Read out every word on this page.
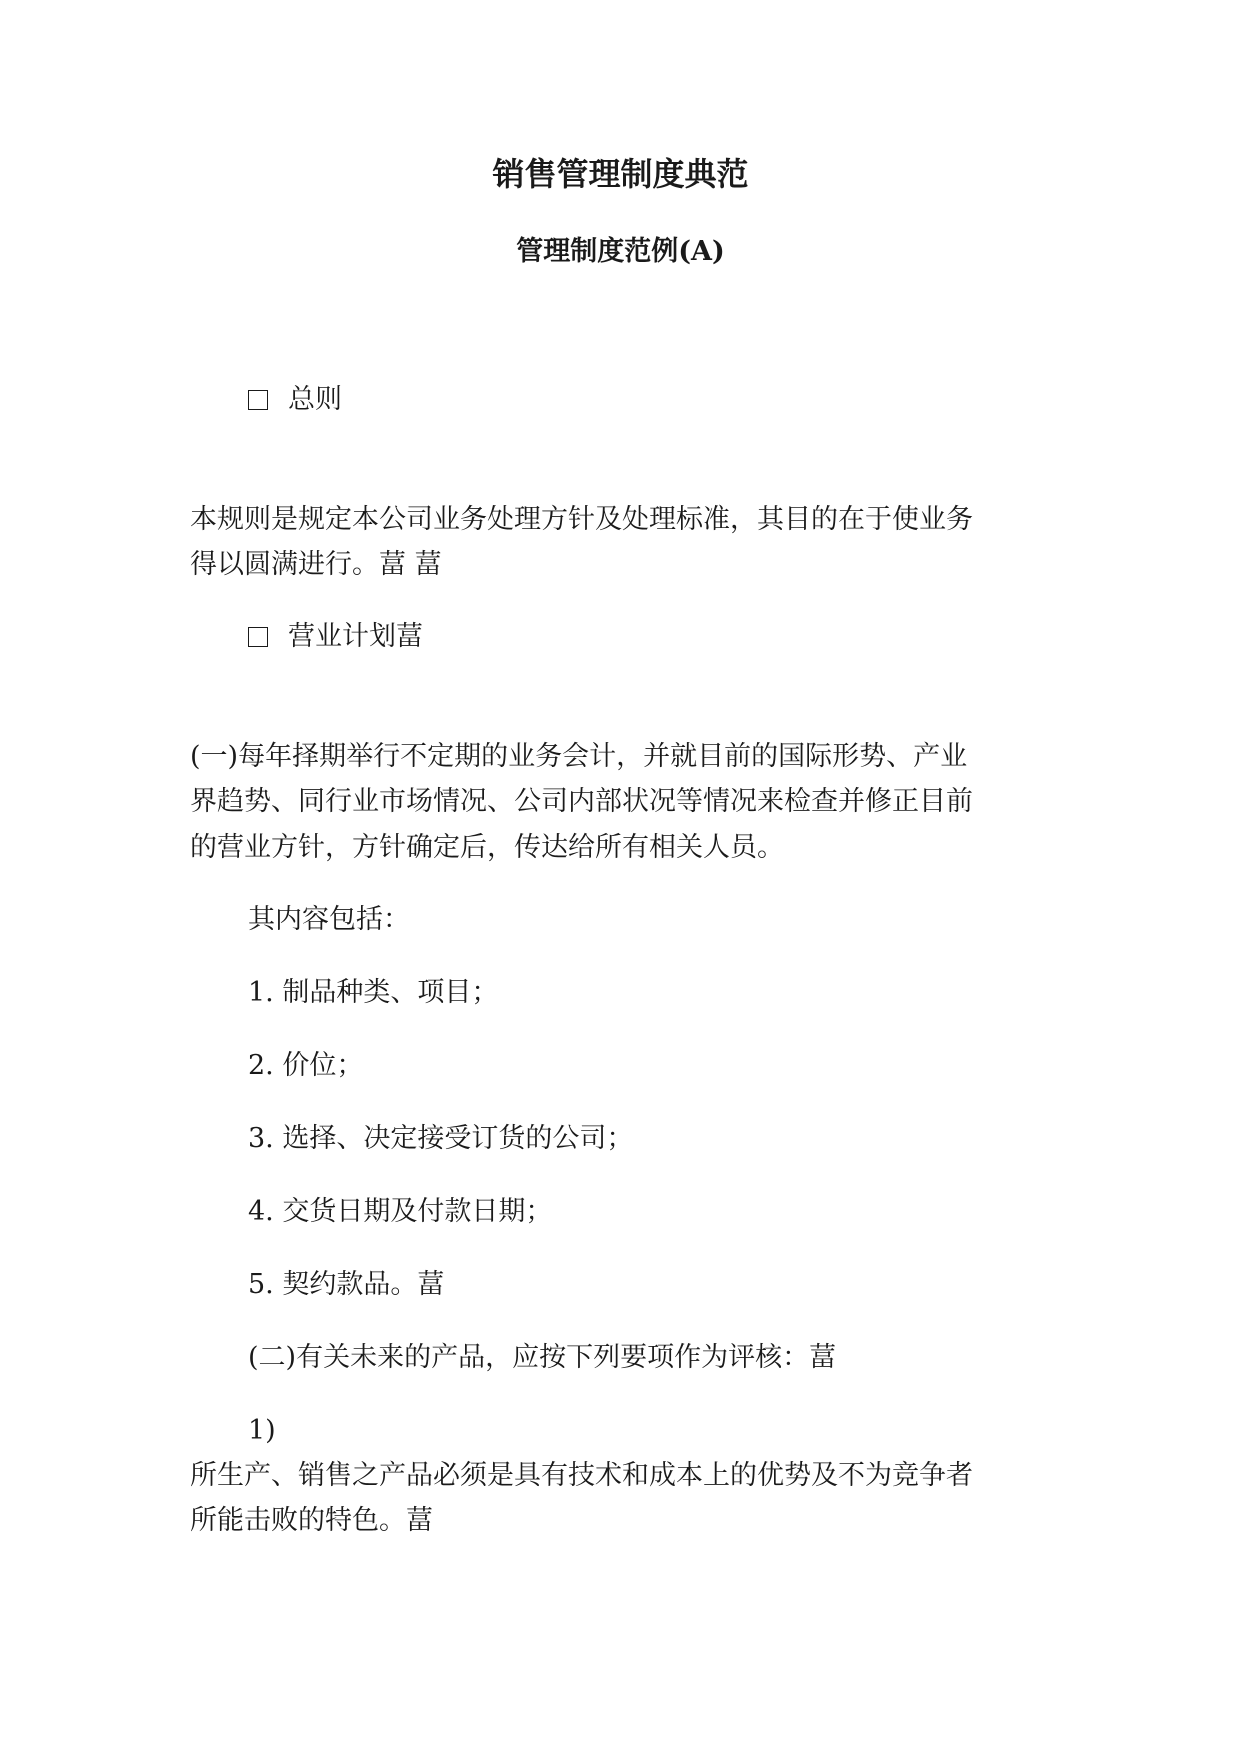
销售管理制度典范
管理制度范例(A)
总则
本规则是规定本公司业务处理方针及处理标准，其目的在于使业务
得以圆满进行。葍 葍
营业计划葍
(一)每年择期举行不定期的业务会计，并就目前的国际形势、产业
界趋势、同行业市场情况、公司内部状况等情况来检查并修正目前
的营业方针，方针确定后，传达给所有相关人员。
其内容包括：
1. 制品种类、项目；
2. 价位；
3. 选择、决定接受订货的公司；
4. 交货日期及付款日期；
5. 契约款品。葍
(二)有关未来的产品，应按下列要项作为评核：葍
1)
所生产、销售之产品必须是具有技术和成本上的优势及不为竞争者
所能击败的特色。葍
